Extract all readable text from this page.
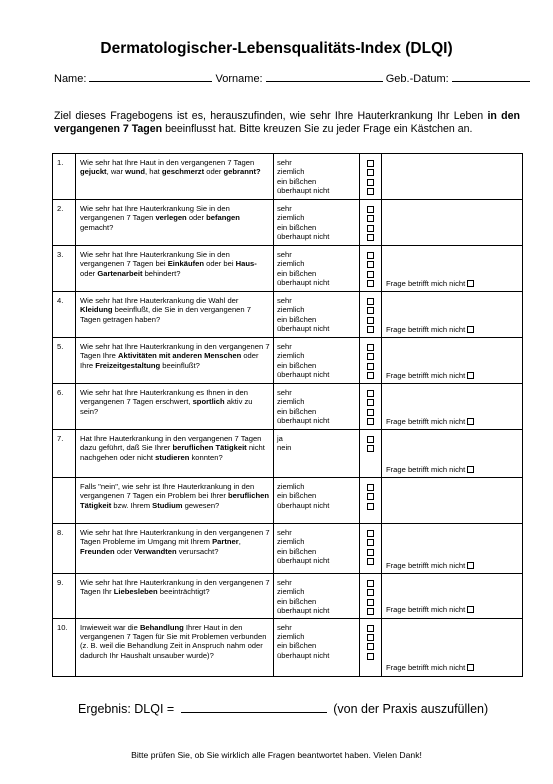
Dermatologischer-Lebensqualitäts-Index (DLQI)
Name:	Vorname:	Geb.-Datum:
Ziel dieses Fragebogens ist es, herauszufinden, wie sehr Ihre Hauterkrankung Ihr Leben in den vergangenen 7 Tagen beeinflusst hat. Bitte kreuzen Sie zu jeder Frage ein Kästchen an.
1.	Wie sehr hat Ihre Haut in den vergangenen 7 Tagen gejuckt, war wund, hat geschmerzt oder gebrannt?	sehr
ziemlich
ein bißchen
überhaupt nicht		

2.	Wie sehr hat Ihre Hauterkrankung Sie in den vergangenen 7 Tagen verlegen oder befangen gemacht?	sehr
ziemlich
ein bißchen
überhaupt nicht		

3.	Wie sehr hat Ihre Hauterkrankung Sie in den vergangenen 7 Tagen bei Einkäufen oder bei Haus- oder Gartenarbeit behindert?	sehr
ziemlich
ein bißchen
überhaupt nicht		Frage betrifft mich nicht
4.	Wie sehr hat Ihre Hauterkrankung die Wahl der Kleidung beeinflußt, die Sie in den vergangenen 7 Tagen getragen haben?	sehr
ziemlich
ein bißchen
überhaupt nicht		Frage betrifft mich nicht
5.	Wie sehr hat Ihre Hauterkrankung in den vergangenen 7 Tagen Ihre Aktivitäten mit anderen Menschen oder Ihre Freizeitgestaltung beeinflußt?	sehr
ziemlich
ein bißchen
überhaupt nicht		Frage betrifft mich nicht
6.	Wie sehr hat Ihre Hauterkrankung es Ihnen in den vergangenen 7 Tagen erschwert, sportlich aktiv zu sein?	sehr
ziemlich
ein bißchen
überhaupt nicht		Frage betrifft mich nicht
7.	Hat Ihre Hauterkrankung in den vergangenen 7 Tagen dazu geführt, daß Sie Ihrer beruflichen Tätigkeit nicht nachgehen oder nicht studieren konnten?	ja
nein		Frage betrifft mich nicht
	Falls "nein", wie sehr ist Ihre Hauterkrankung in den vergangenen 7 Tagen ein Problem bei Ihrer beruflichen Tätigkeit bzw. Ihrem Studium gewesen?	ziemlich
ein bißchen
überhaupt nicht		

8.	Wie sehr hat Ihre Hauterkrankung in den vergangenen 7 Tagen Probleme im Umgang mit Ihrem Partner, Freunden oder Verwandten verursacht?	sehr
ziemlich
ein bißchen
überhaupt nicht		Frage betrifft mich nicht
9.	Wie sehr hat Ihre Hauterkrankung in den vergangenen 7 Tagen Ihr Liebesleben beeinträchtigt?	sehr
ziemlich
ein bißchen
überhaupt nicht		Frage betrifft mich nicht
10.	Inwieweit war die Behandlung Ihrer Haut in den vergangenen 7 Tagen für Sie mit Problemen verbunden (z. B. weil die Behandlung Zeit in Anspruch nahm oder dadurch Ihr Haushalt unsauber wurde)?	sehr
ziemlich
ein bißchen
überhaupt nicht		Frage betrifft mich nicht
Ergebnis: DLQI =	(von der Praxis auszufüllen)
Bitte prüfen Sie, ob Sie wirklich alle Fragen beantwortet haben. Vielen Dank!
